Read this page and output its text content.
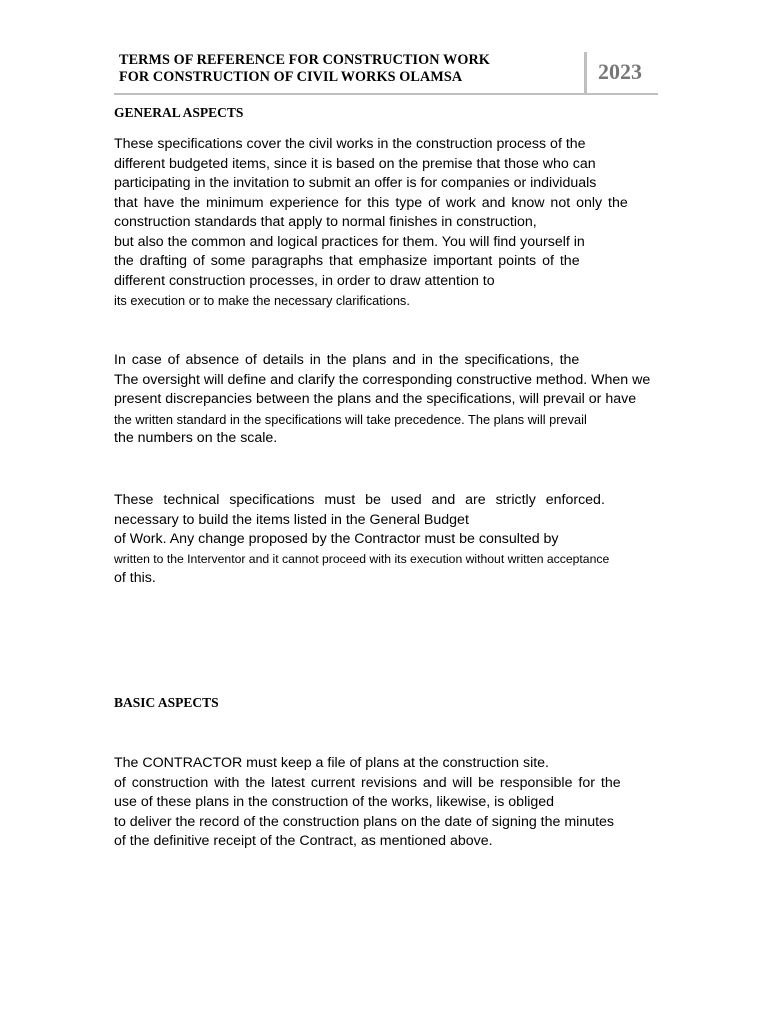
TERMS OF REFERENCE FOR CONSTRUCTION WORK
FOR CONSTRUCTION OF CIVIL WORKS OLAMSA	2023
GENERAL ASPECTS
These specifications cover the civil works in the construction process of the
different budgeted items, since it is based on the premise that those who can
participating in the invitation to submit an offer is for companies or individuals
that have the minimum experience for this type of work and know not only the
construction standards that apply to normal finishes in construction,
but also the common and logical practices for them. You will find yourself in
the drafting of some paragraphs that emphasize important points of the
different construction processes, in order to draw attention to
its execution or to make the necessary clarifications.
In case of absence of details in the plans and in the specifications, the
The oversight will define and clarify the corresponding constructive method. When we
present discrepancies between the plans and the specifications, will prevail or have
the written standard in the specifications will take precedence. The plans will prevail
the numbers on the scale.
These technical specifications must be used and are strictly enforced.
necessary to build the items listed in the General Budget
of Work. Any change proposed by the Contractor must be consulted by
written to the Interventor and it cannot proceed with its execution without written acceptance
of this.
BASIC ASPECTS
The CONTRACTOR must keep a file of plans at the construction site.
of construction with the latest current revisions and will be responsible for the
use of these plans in the construction of the works, likewise, is obliged
to deliver the record of the construction plans on the date of signing the minutes
of the definitive receipt of the Contract, as mentioned above.
